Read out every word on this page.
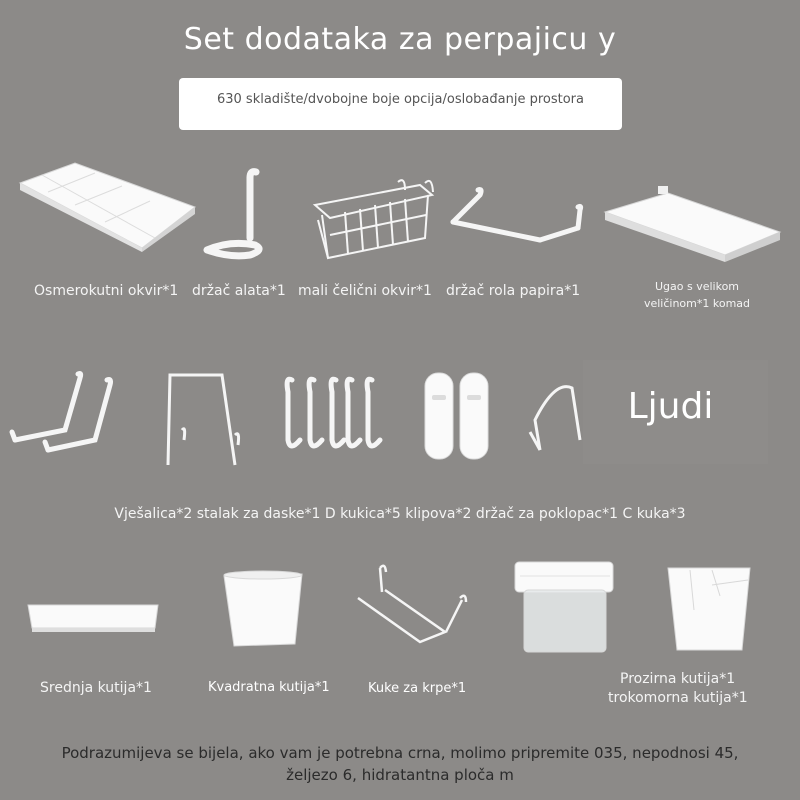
Set dodataka za perpajicu y
630 skladište/dvobojne boje opcija/oslobađanje prostora
Osmerokutni okvir*1 držač alata*1 mali čelični okvir*1 držač rola papira*1	Ugao s velikom
veličinom*1 komad
Ljudi
Vješalica*2 stalak za daske*1 D kukica*5 klipova*2 držač za poklopac*1 C kuka*3
Srednja kutija*1	Kvadratna kutija*1	Kuke za krpe*1
Prozirna kutija*1
trokomorna kutija*1
Podrazumijeva se bijela, ako vam je potrebna crna, molimo pripremite 035, nepodnosi 45,
željezo 6, hidratantna ploča m
